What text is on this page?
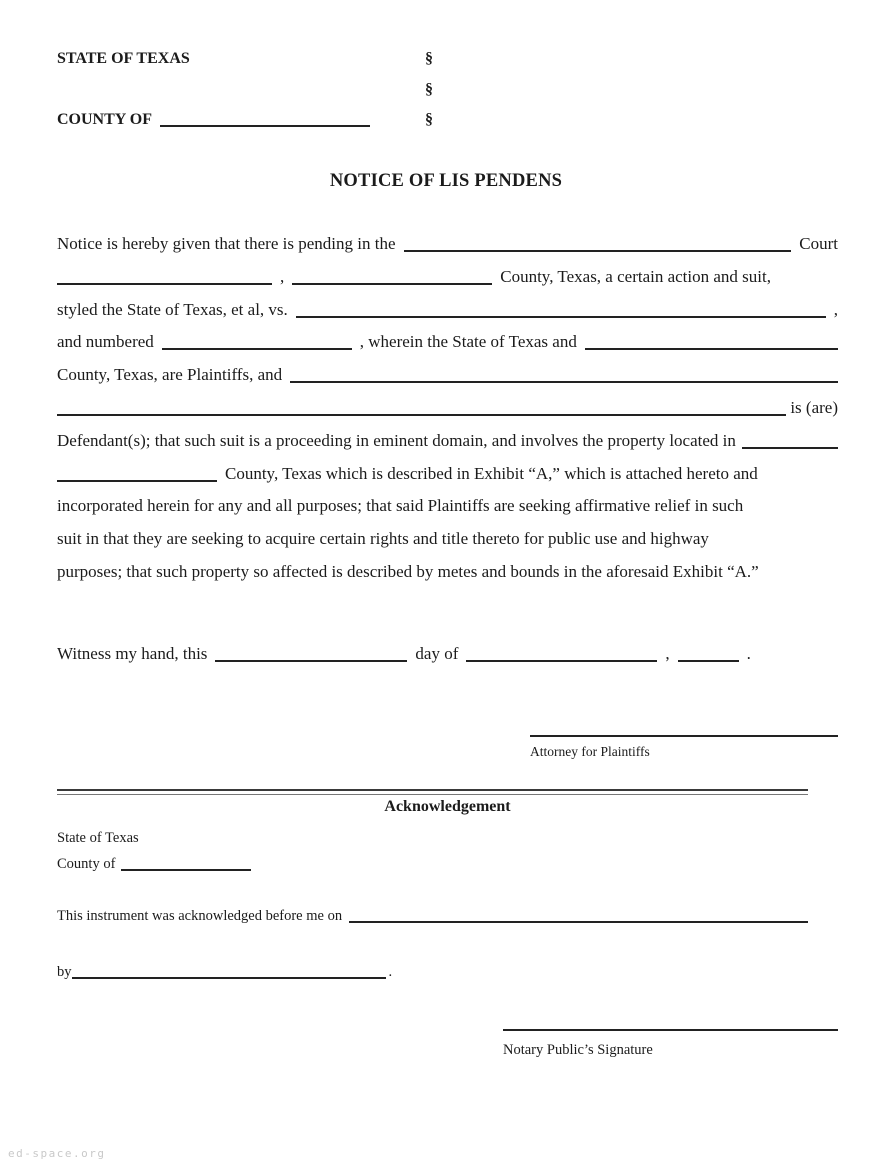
STATE OF TEXAS	§
§
COUNTY OF	§
NOTICE OF LIS PENDENS
Notice is hereby given that there is pending in the	Court
,	County, Texas, a certain action and suit,
styled the State of Texas, et al, vs.	,
and numbered	, wherein the State of Texas and
County, Texas, are Plaintiffs, and
is (are)
Defendant(s); that such suit is a proceeding in eminent domain, and involves the property located in
County, Texas which is described in Exhibit “A,” which is attached hereto and
incorporated herein for any and all purposes; that said Plaintiffs are seeking affirmative relief in such
suit in that they are seeking to acquire certain rights and title thereto for public use and highway
purposes; that such property so affected is described by metes and bounds in the aforesaid Exhibit “A.”
Witness my hand, this	day of	,	.
Attorney for Plaintiffs
Acknowledgement
State of Texas
County of
This instrument was acknowledged before me on
by	.
Notary Public’s Signature
ed-space.org
